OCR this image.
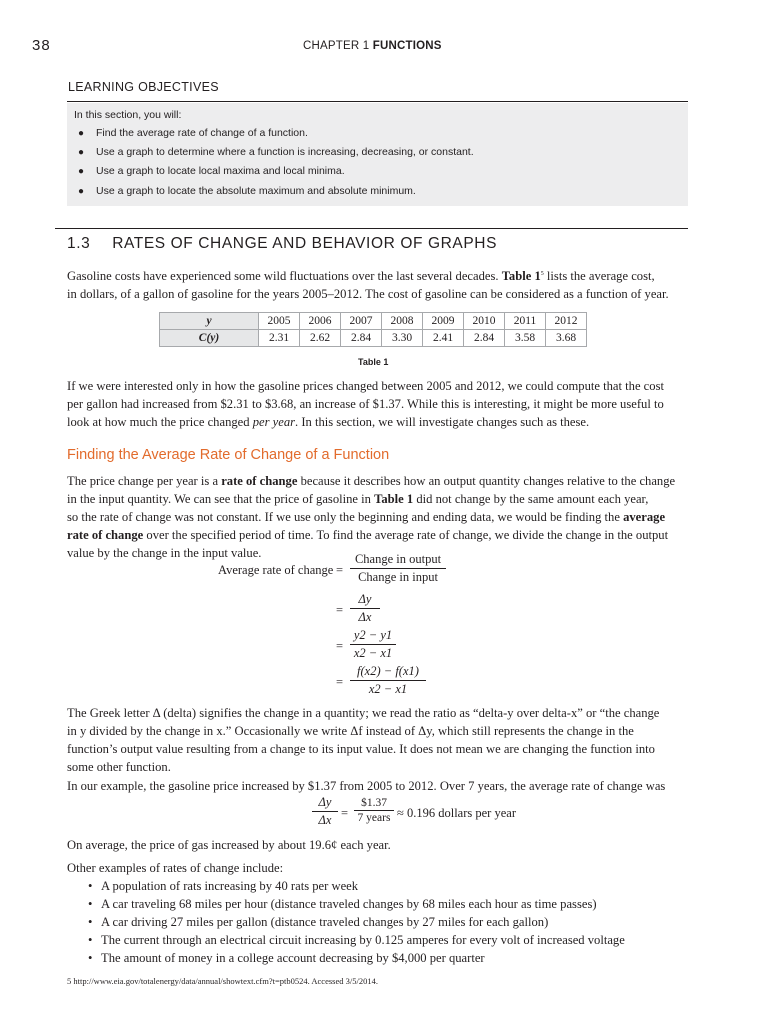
38	CHAPTER 1 FUNCTIONS
LEARNING OBJECTIVES
In this section, you will:
● Find the average rate of change of a function.
● Use a graph to determine where a function is increasing, decreasing, or constant.
● Use a graph to locate local maxima and local minima.
● Use a graph to locate the absolute maximum and absolute minimum.
1.3 RATES OF CHANGE AND BEHAVIOR OF GRAPHS
Gasoline costs have experienced some wild fluctuations over the last several decades. Table 1$^5$ lists the average cost,
in dollars, of a gallon of gasoline for the years 2005–2012. The cost of gasoline can be considered as a function of year.
y	2005	2006	2007	2008	2009	2010	2011	2012
C(y)	2.31	2.62	2.84	3.30	2.41	2.84	3.58	3.68
Table 1
If we were interested only in how the gasoline prices changed between 2005 and 2012, we could compute that the cost
per gallon had increased from $2.31 to $3.68, an increase of $1.37. While this is interesting, it might be more useful to
look at how much the price changed per year. In this section, we will investigate changes such as these.
Finding the Average Rate of Change of a Function
The price change per year is a rate of change because it describes how an output quantity changes relative to the change
in the input quantity. We can see that the price of gasoline in Table 1 did not change by the same amount each year,
so the rate of change was not constant. If we use only the beginning and ending data, we would be finding the average
rate of change over the specified period of time. To find the average rate of change, we divide the change in the output
value by the change in the input value.
Average rate of change =
Change in output
Change in input
= $\frac{\Delta y}{\Delta x}$
= $\frac{y2 - y1}{x2 - x1}$
= $\frac{f(x2) - f(x1)}{x2 - x1}$
The Greek letter Δ (delta) signifies the change in a quantity; we read the ratio as “delta-y over delta-x” or “the change
in y divided by the change in x.” Occasionally we write Δf instead of Δy, which still represents the change in the
function’s output value resulting from a change to its input value. It does not mean we are changing the function into
some other function.
In our example, the gasoline price increased by $1.37 from 2005 to 2012. Over 7 years, the average rate of change was
$\frac{\Delta y}{\Delta x}$ =
$1.37
7 years ≈ 0.196 dollars per year
On average, the price of gas increased by about 19.6¢ each year.
Other examples of rates of change include:
• A population of rats increasing by 40 rats per week
• A car traveling 68 miles per hour (distance traveled changes by 68 miles each hour as time passes)
• A car driving 27 miles per gallon (distance traveled changes by 27 miles for each gallon)
• The current through an electrical circuit increasing by 0.125 amperes for every volt of increased voltage
• The amount of money in a college account decreasing by $4,000 per quarter
5 http://www.eia.gov/totalenergy/data/annual/showtext.cfm?t=ptb0524. Accessed 3/5/2014.
